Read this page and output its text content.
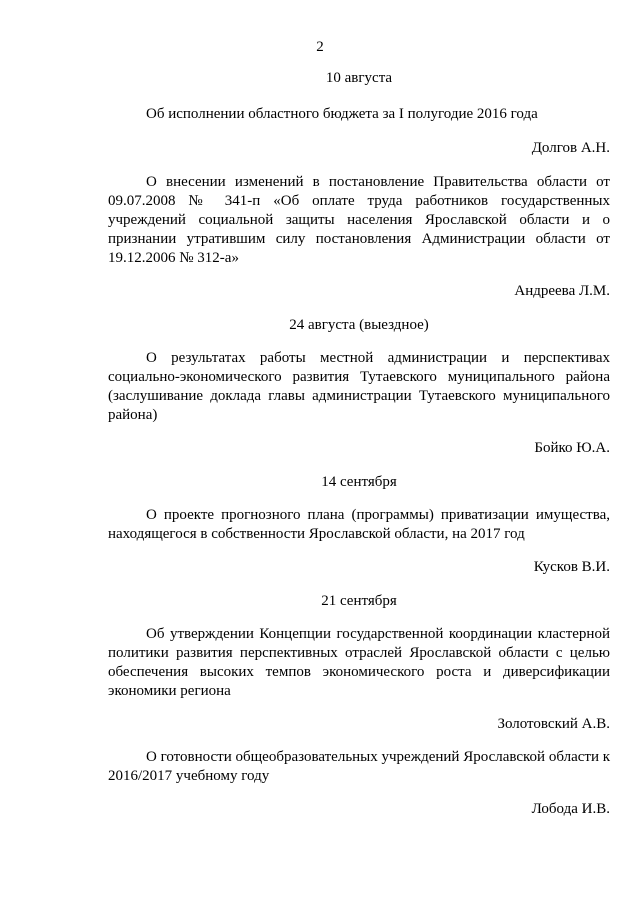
2
10 августа

Об исполнении областного бюджета за I полугодие 2016 года

Долгов А.Н.

О внесении изменений в постановление Правительства области от 09.07.2008 № 341-п «Об оплате труда работников государственных учреждений социальной защиты населения Ярославской области и о признании утратившим силу постановления Администрации области от 19.12.2006 № 312-а»

Андреева Л.М.

24 августа (выездное)

О результатах работы местной администрации и перспективах социально-экономического развития Тутаевского муниципального района (заслушивание доклада главы администрации Тутаевского муниципального района)

Бойко Ю.А.

14 сентября

О проекте прогнозного плана (программы) приватизации имущества, находящегося в собственности Ярославской области, на 2017 год

Кусков В.И.

21 сентября

Об утверждении Концепции государственной координации кластерной политики развития перспективных отраслей Ярославской области с целью обеспечения высоких темпов экономического роста и диверсификации экономики региона

Золотовский А.В.

О готовности общеобразовательных учреждений Ярославской области к 2016/2017 учебному году

Лобода И.В.
